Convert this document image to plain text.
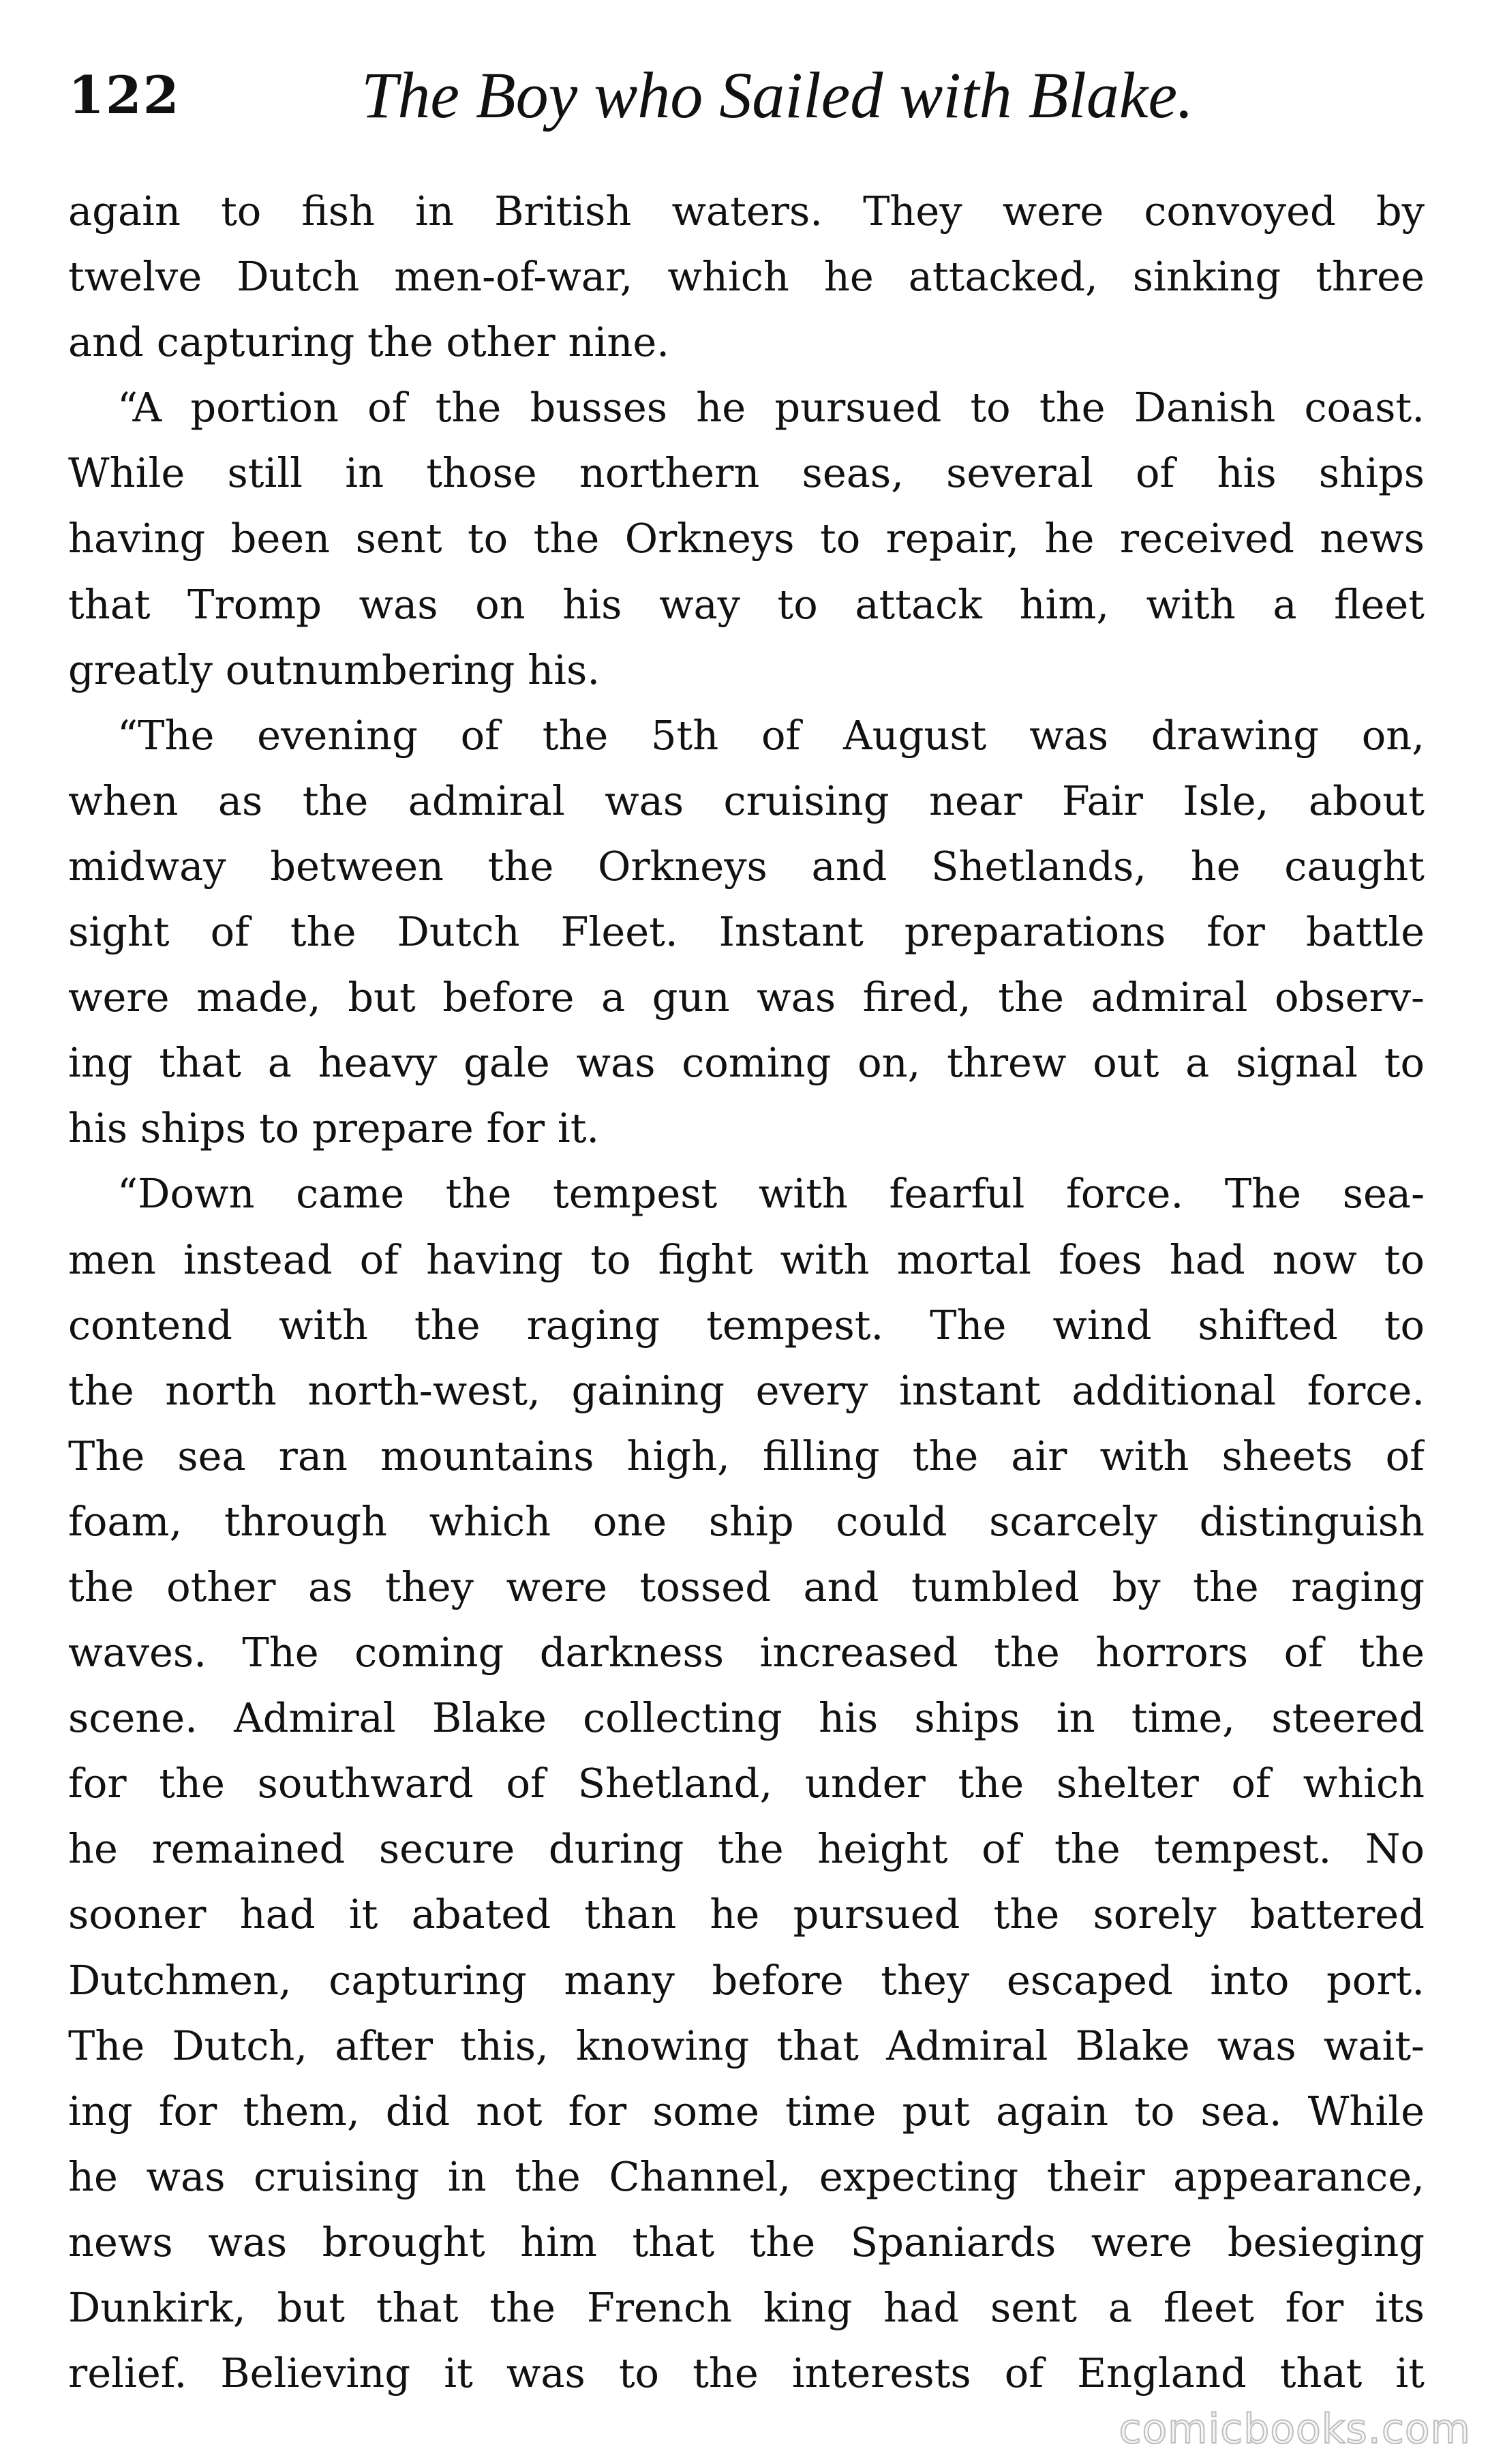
122	The Boy who Sailed with Blake.
again to fish in British waters. They were convoyed by
twelve Dutch men-of-war, which he attacked, sinking three
and capturing the other nine.
“A portion of the busses he pursued to the Danish coast.
While still in those northern seas, several of his ships
having been sent to the Orkneys to repair, he received news
that Tromp was on his way to attack him, with a fleet
greatly outnumbering his.
“The evening of the 5th of August was drawing on,
when as the admiral was cruising near Fair Isle, about
midway between the Orkneys and Shetlands, he caught
sight of the Dutch Fleet. Instant preparations for battle
were made, but before a gun was fired, the admiral observ-
ing that a heavy gale was coming on, threw out a signal to
his ships to prepare for it.
“Down came the tempest with fearful force. The sea-
men instead of having to fight with mortal foes had now to
contend with the raging tempest. The wind shifted to
the north north-west, gaining every instant additional force.
The sea ran mountains high, filling the air with sheets of
foam, through which one ship could scarcely distinguish
the other as they were tossed and tumbled by the raging
waves. The coming darkness increased the horrors of the
scene. Admiral Blake collecting his ships in time, steered
for the southward of Shetland, under the shelter of which
he remained secure during the height of the tempest. No
sooner had it abated than he pursued the sorely battered
Dutchmen, capturing many before they escaped into port.
The Dutch, after this, knowing that Admiral Blake was wait-
ing for them, did not for some time put again to sea. While
he was cruising in the Channel, expecting their appearance,
news was brought him that the Spaniards were besieging
Dunkirk, but that the French king had sent a fleet for its
relief. Believing it was to the interests of England that it
comicbooks.com
